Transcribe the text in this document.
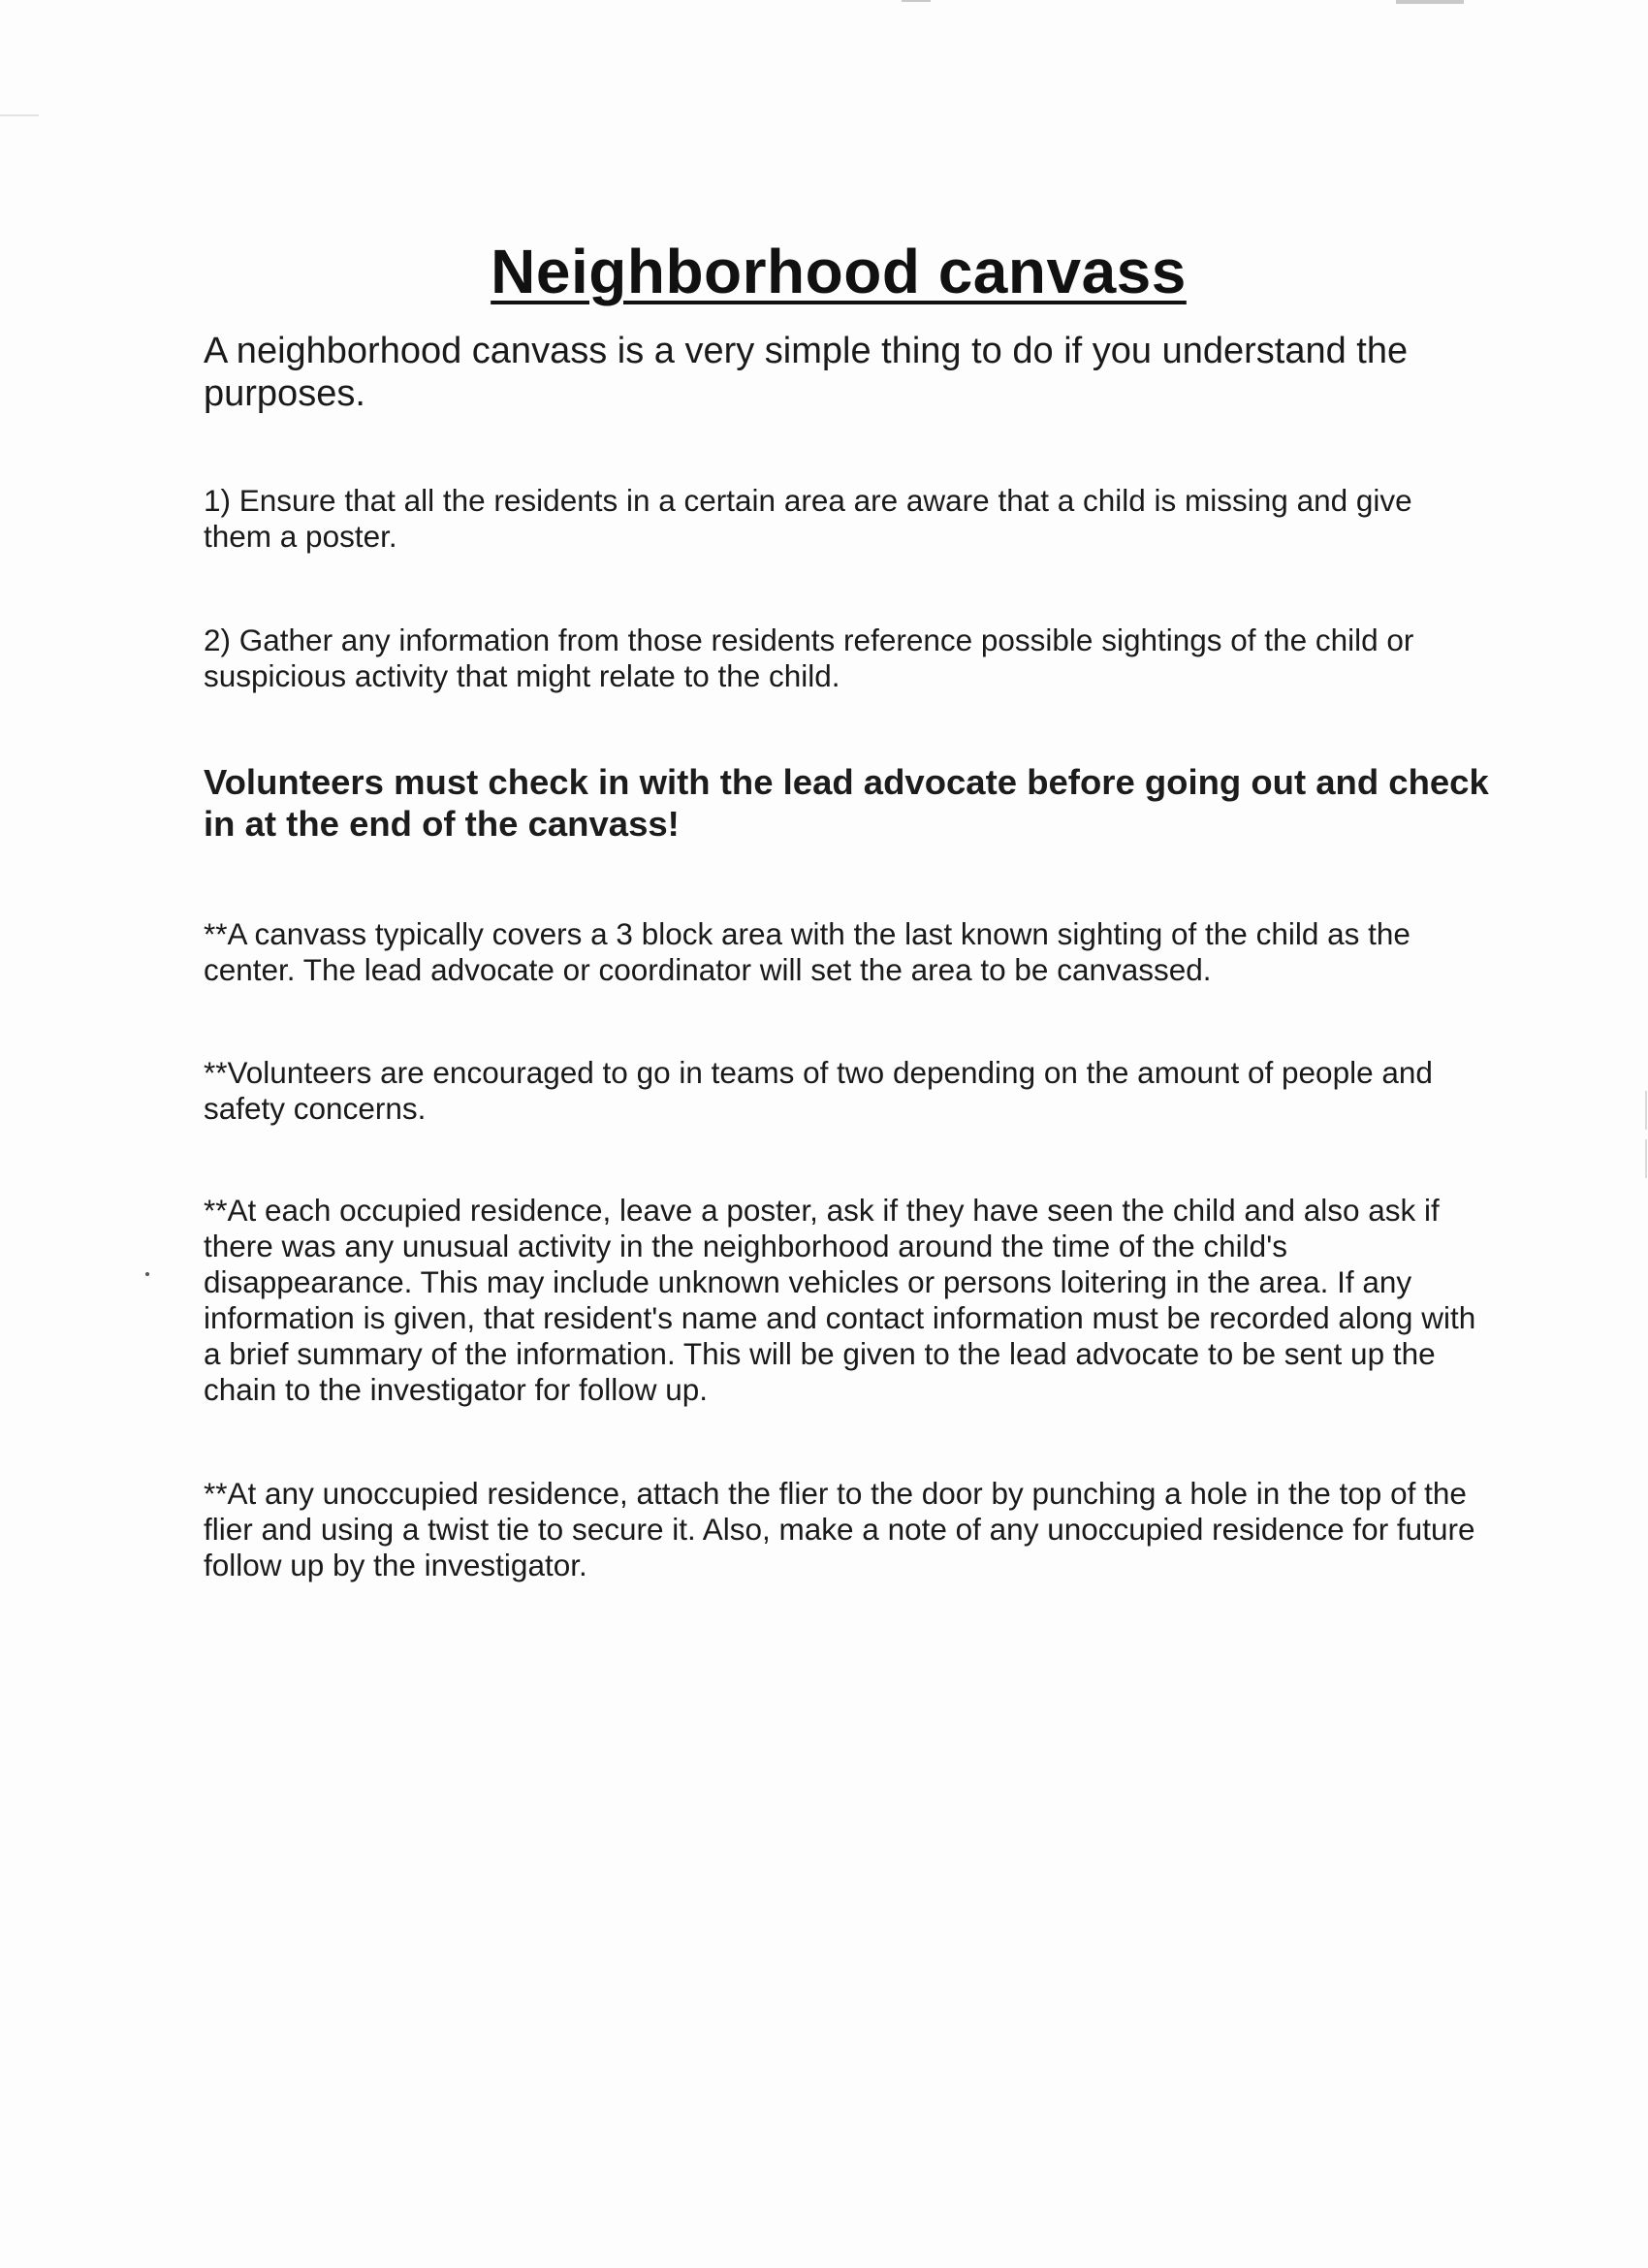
Neighborhood canvass

A neighborhood canvass is a very simple thing to do if you understand the purposes.

1) Ensure that all the residents in a certain area are aware that a child is missing and give them a poster.

2) Gather any information from those residents reference possible sightings of the child or suspicious activity that might relate to the child.

Volunteers must check in with the lead advocate before going out and check in at the end of the canvass!

**A canvass typically covers a 3 block area with the last known sighting of the child as the center. The lead advocate or coordinator will set the area to be canvassed.

**Volunteers are encouraged to go in teams of two depending on the amount of people and safety concerns.

**At each occupied residence, leave a poster, ask if they have seen the child and also ask if there was any unusual activity in the neighborhood around the time of the child's disappearance. This may include unknown vehicles or persons loitering in the area. If any information is given, that resident's name and contact information must be recorded along with a brief summary of the information. This will be given to the lead advocate to be sent up the chain to the investigator for follow up.

**At any unoccupied residence, attach the flier to the door by punching a hole in the top of the flier and using a twist tie to secure it. Also, make a note of any unoccupied residence for future follow up by the investigator.
